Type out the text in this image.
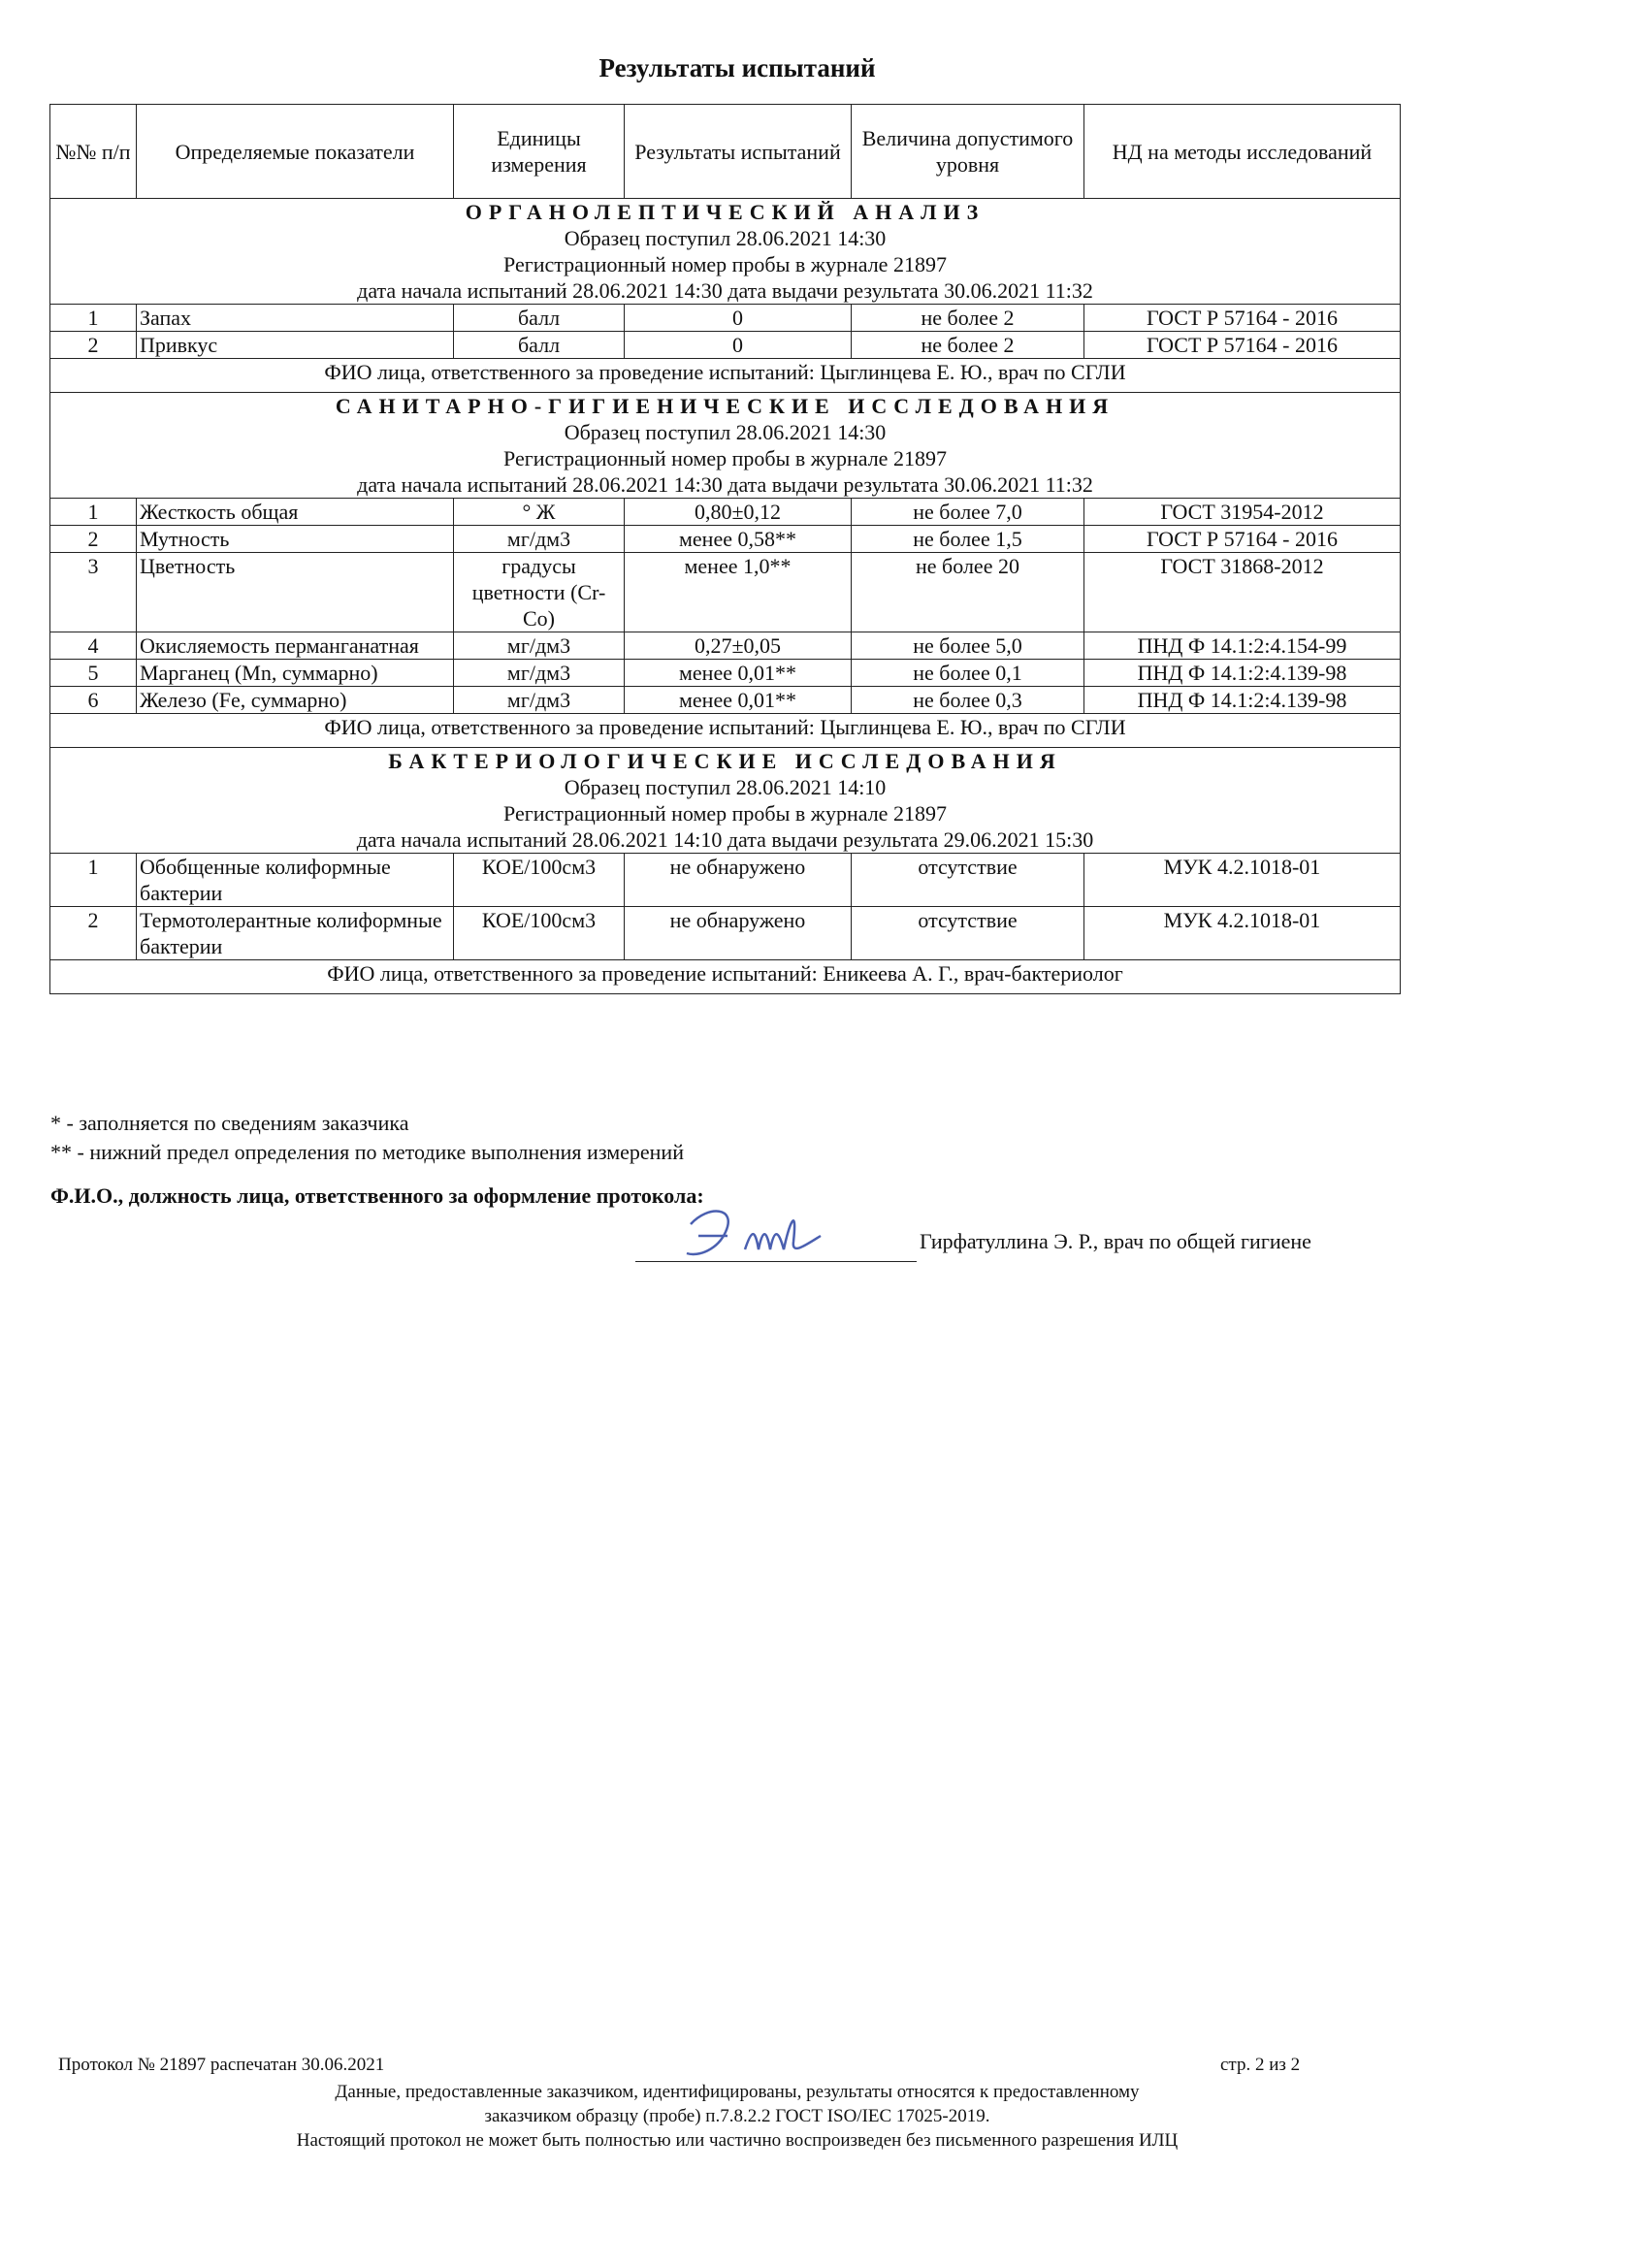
Результаты испытаний
№№ п/п	Определяемые показатели	Единицы измерения	Результаты испытаний	Величина допустимого уровня	НД на методы исследований

ОРГАНОЛЕПТИЧЕСКИЙ АНАЛИЗ
Образец поступил 28.06.2021 14:30
Регистрационный номер пробы в журнале 21897
дата начала испытаний 28.06.2021 14:30 дата выдачи результата 30.06.2021 11:32					

1	Запах	балл	0	не более 2	ГОСТ Р 57164 - 2016
2	Привкус	балл	0	не более 2	ГОСТ Р 57164 - 2016
ФИО лица, ответственного за проведение испытаний: Цыглинцева Е. Ю., врач по СГЛИ					

САНИТАРНО-ГИГИЕНИЧЕСКИЕ ИССЛЕДОВАНИЯ
Образец поступил 28.06.2021 14:30
Регистрационный номер пробы в журнале 21897
дата начала испытаний 28.06.2021 14:30 дата выдачи результата 30.06.2021 11:32					

1	Жесткость общая	° Ж	0,80±0,12	не более 7,0	ГОСТ 31954-2012
2	Мутность	мг/дм3	менее 0,58**	не более 1,5	ГОСТ Р 57164 - 2016
3	Цветность	градусы цветности (Cr-Co)	менее 1,0**	не более 20	ГОСТ 31868-2012
4	Окисляемость перманганатная	мг/дм3	0,27±0,05	не более 5,0	ПНД Ф 14.1:2:4.154-99
5	Марганец (Mn, суммарно)	мг/дм3	менее 0,01**	не более 0,1	ПНД Ф 14.1:2:4.139-98
6	Железо (Fe, суммарно)	мг/дм3	менее 0,01**	не более 0,3	ПНД Ф 14.1:2:4.139-98
ФИО лица, ответственного за проведение испытаний: Цыглинцева Е. Ю., врач по СГЛИ					

БАКТЕРИОЛОГИЧЕСКИЕ ИССЛЕДОВАНИЯ
Образец поступил 28.06.2021 14:10
Регистрационный номер пробы в журнале 21897
дата начала испытаний 28.06.2021 14:10 дата выдачи результата 29.06.2021 15:30					

1	Обобщенные колиформные бактерии	КОЕ/100см3	не обнаружено	отсутствие	МУК 4.2.1018-01
2	Термотолерантные колиформные бактерии	КОЕ/100см3	не обнаружено	отсутствие	МУК 4.2.1018-01
ФИО лица, ответственного за проведение испытаний: Еникеева А. Г., врач-бактериолог					
* - заполняется по сведениям заказчика
** - нижний предел определения по методике выполнения измерений
Ф.И.О., должность лица, ответственного за оформление протокола:
Гирфатуллина Э. Р., врач по общей гигиене
Протокол № 21897 распечатан 30.06.2021	стр. 2 из 2
Данные, предоставленные заказчиком, идентифицированы, результаты относятся к предоставленному
заказчиком образцу (пробе) п.7.8.2.2 ГОСТ ISO/IEC 17025-2019.
Настоящий протокол не может быть полностью или частично воспроизведен без письменного разрешения ИЛЦ
